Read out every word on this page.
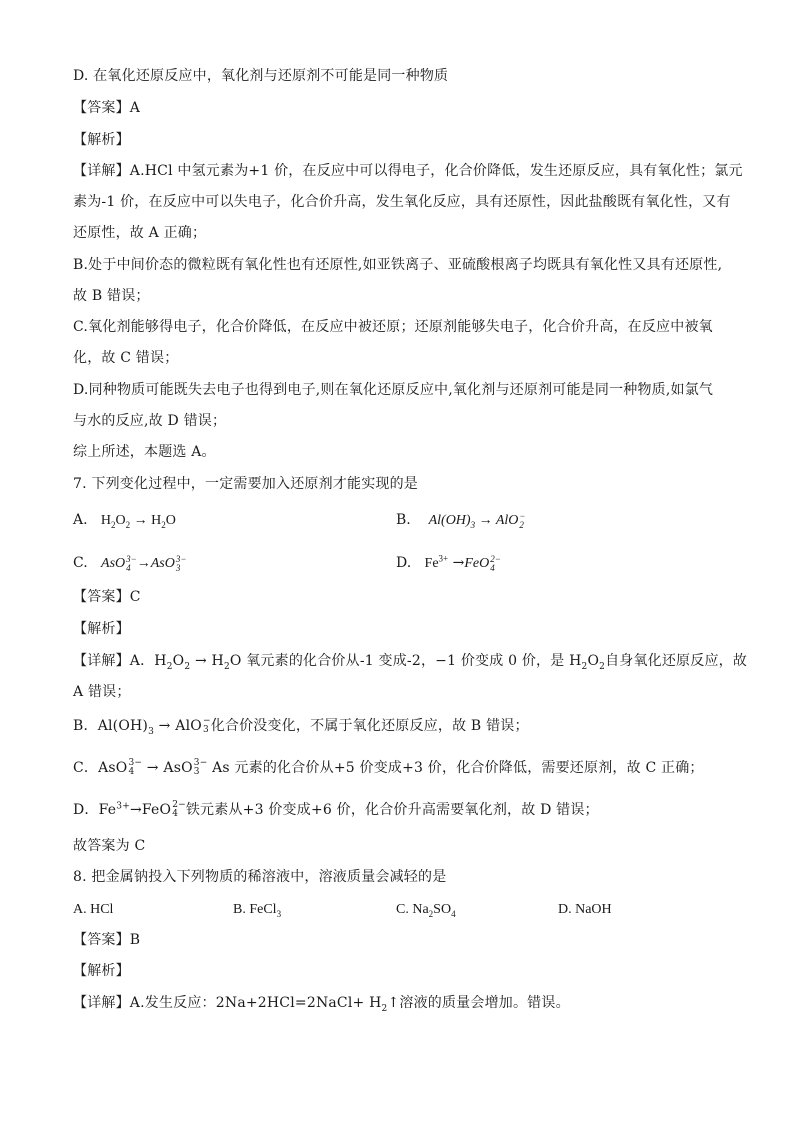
D. 在氧化还原反应中，氧化剂与还原剂不可能是同一种物质
【答案】A
【解析】
【详解】A.HCl 中氢元素为+1 价，在反应中可以得电子，化合价降低，发生还原反应，具有氧化性；氯元
素为-1 价，在反应中可以失电子，化合价升高，发生氧化反应，具有还原性，因此盐酸既有氧化性，又有
还原性，故 A 正确；
B.处于中间价态的微粒既有氧化性也有还原性,如亚铁离子、亚硫酸根离子均既具有氧化性又具有还原性,
故 B 错误；
C.氧化剂能够得电子，化合价降低，在反应中被还原；还原剂能够失电子，化合价升高，在反应中被氧
化，故 C 错误；
D.同种物质可能既失去电子也得到电子,则在氧化还原反应中,氧化剂与还原剂可能是同一种物质,如氯气
与水的反应,故 D 错误；
综上所述，本题选 A。
7. 下列变化过程中，一定需要加入还原剂才能实现的是
A. $H_2O_2 \to H_2O$	B. $Al(OH)_3$ → AlO −
2
C. AsO 3−
4 →AsO 3−
3	D. $Fe^{3+} \to FeO$ 2−
4
【答案】C
【解析】
【详解】A．$H_2O_2 \to H_2O$ 氧元素的化合价从-1 变成-2，−1 价变成 0 价，是 $H_2O_2$自身氧化还原反应，故
A 错误；
B．$Al(OH)_3$ → AlO −
3 化合价没变化，不属于氧化还原反应，故 B 错误；
C．AsO 3−
4 → AsO 3−
3 As 元素的化合价从+5 价变成+3 价，化合价降低，需要还原剂，故 C 正确；
D．$Fe^{3+}\to FeO$ 2−
4 铁元素从+3 价变成+6 价，化合价升高需要氧化剂，故 D 错误；
故答案为 C
8. 把金属钠投入下列物质的稀溶液中，溶液质量会减轻的是
A. HCl	B. FeCl$_3$	C. $Na_2SO_4$	D. NaOH
【答案】B
【解析】
【详解】A.发生反应：2Na+2HCl=2NaCl+ $H_2↑$溶液的质量会增加。错误。
